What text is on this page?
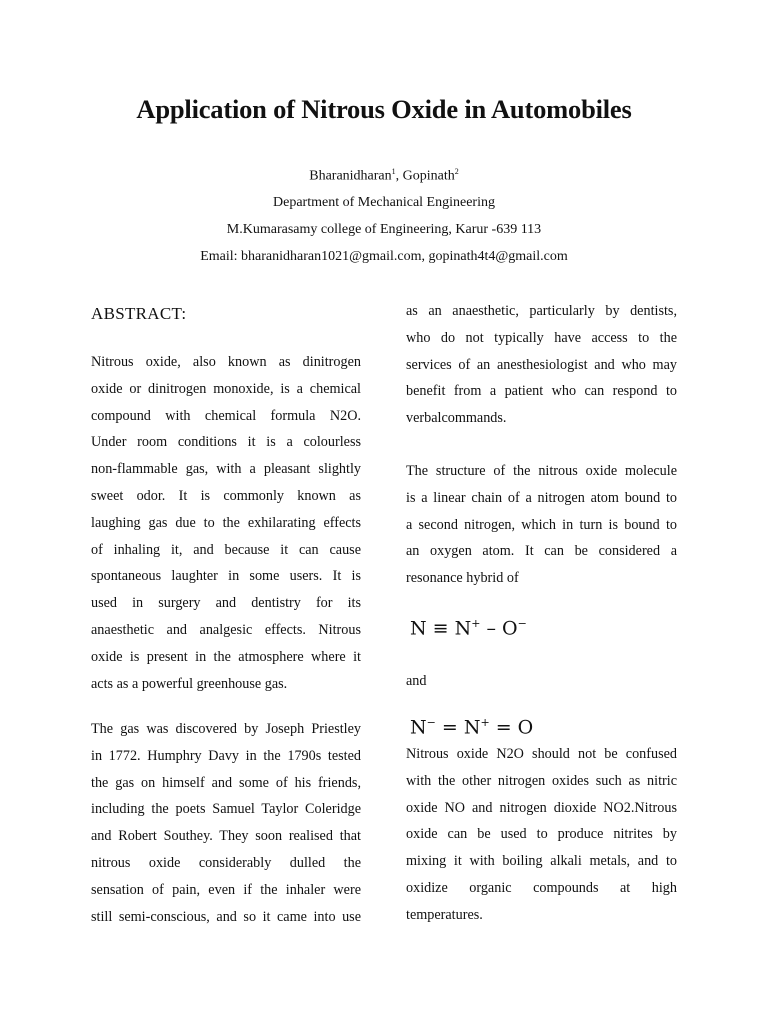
Application of Nitrous Oxide in Automobiles
Bharanidharan$^1$, Gopinath$^2$
Department of Mechanical Engineering
M.Kumarasamy college of Engineering, Karur -639 113
Email: bharanidharan1021@gmail.com, gopinath4t4@gmail.com
ABSTRACT:

Nitrous oxide, also known as dinitrogen

oxide or dinitrogen monoxide, is a chemical

compound with chemical formula N2O.

Under room conditions it is a colourless

non-flammable gas, with a pleasant slightly

sweet odor. It is commonly known as

laughing gas due to the exhilarating effects

of inhaling it, and because it can cause

spontaneous laughter in some users. It is

used in surgery and dentistry for its

anaesthetic and analgesic effects. Nitrous

oxide is present in the atmosphere where it

acts as a powerful greenhouse gas.

The gas was discovered by Joseph Priestley

in 1772. Humphry Davy in the 1790s tested

the gas on himself and some of his friends,

including the poets Samuel Taylor Coleridge

and Robert Southey. They soon realised that

nitrous oxide considerably dulled the

sensation of pain, even if the inhaler were

still semi-conscious, and so it came into use

as an anaesthetic, particularly by dentists,

who do not typically have access to the

services of an anesthesiologist and who may

benefit from a patient who can respond to

verbalcommands.

The structure of the nitrous oxide molecule

is a linear chain of a nitrogen atom bound to

a second nitrogen, which in turn is bound to

an oxygen atom. It can be considered a

resonance hybrid of

N ≡ N+ – O−

and

N− = N+ = O

Nitrous oxide N2O should not be confused

with the other nitrogen oxides such as nitric

oxide NO and nitrogen dioxide NO2.Nitrous

oxide can be used to produce nitrites by

mixing it with boiling alkali metals, and to

oxidize organic compounds at high

temperatures.
